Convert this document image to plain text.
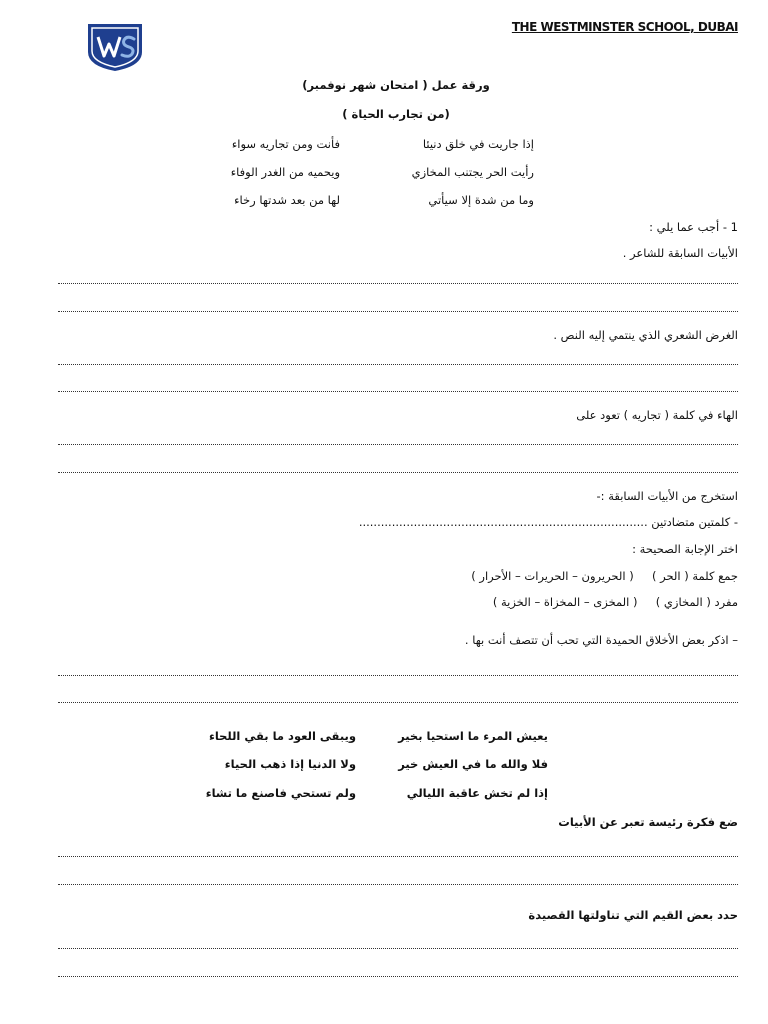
THE WESTMINSTER SCHOOL, DUBAI
ورقة عمل ( امتحان شهر نوفمبر)
(من تجارب الحياة )
إذا جاريت في خلق دنيئا
فأنت ومن تجاريه سواء
رأيت الحر يجتنب المخازي
ويحميه من الغدر الوفاء
وما من شدة إلا سيأتي
لها من بعد شدتها رخاء
1 - أجب عما يلي :
الأبيات السابقة للشاعر .
الغرض الشعري الذي ينتمي إليه النص .
الهاء في كلمة ( تجاريه ) تعود على
استخرج من الأبيات السابقة :-
- كلمتين متضادتين ...............................................................................
اختر الإجابة الصحيحة :
جمع كلمة ( الحر )     ( الحريرون – الحريرات – الأحرار )
مفرد ( المخازي )     ( المخزى – المخزاة – الخزية )
– اذكر بعض الأخلاق الحميدة التي تحب أن تتصف أنت بها .
يعيش المرء ما استحيا بخير
ويبقى العود ما بقي اللحاء
فلا والله ما في العيش خير
ولا الدنيا إذا ذهب الحياء
إذا لم تخش عاقبة الليالي
ولم تستحي فاصنع ما تشاء
ضع فكرة رئيسة تعبر عن الأبيات
حدد بعض القيم التي تناولتها القصيدة
